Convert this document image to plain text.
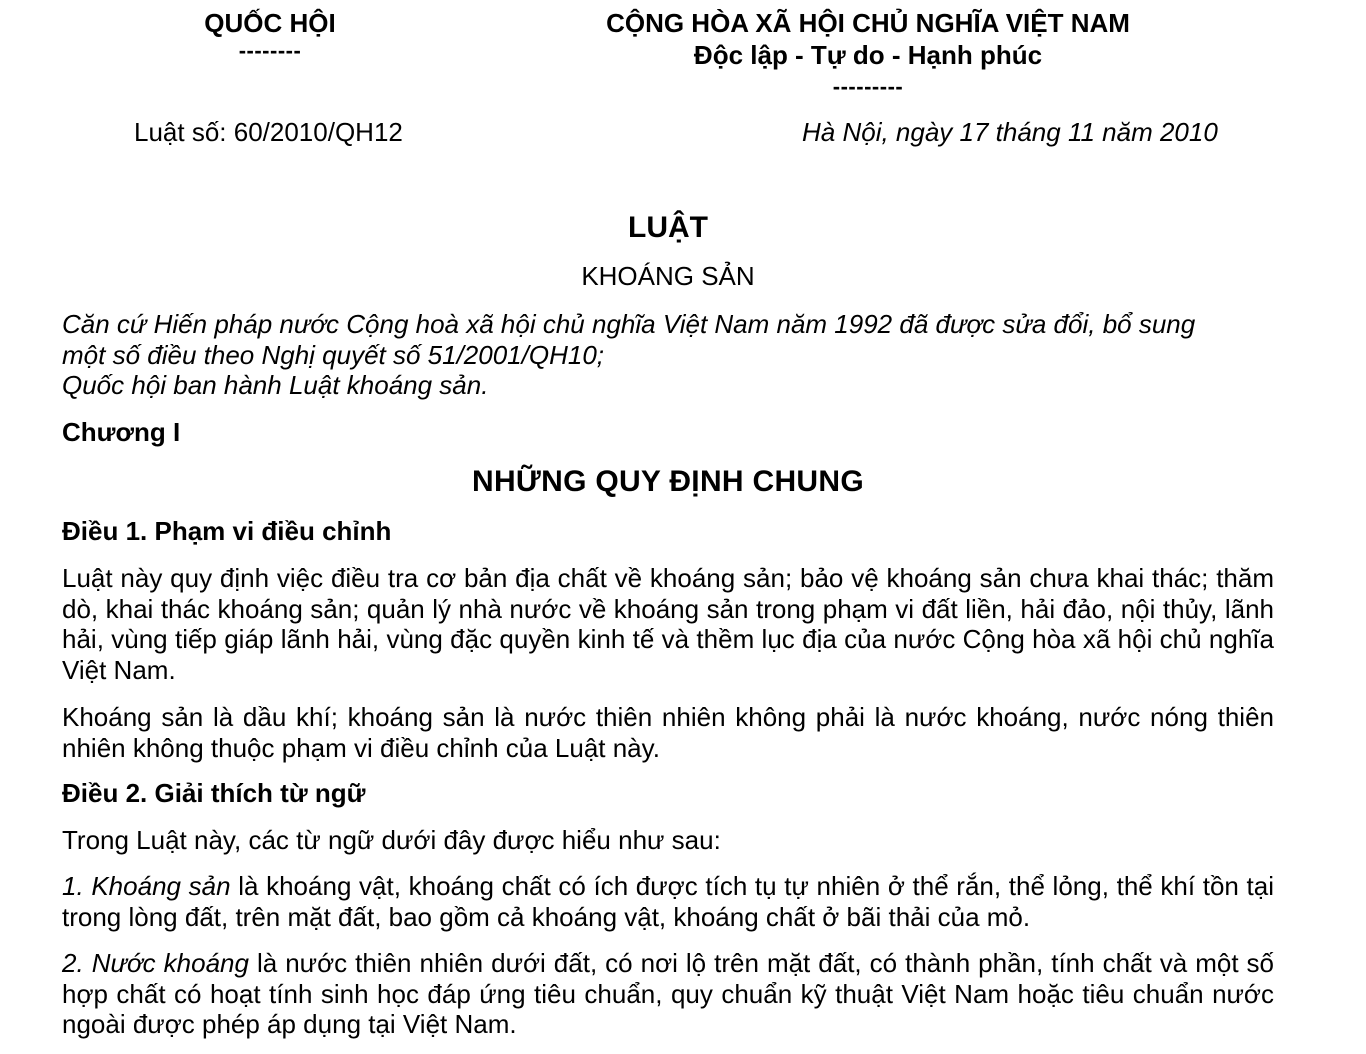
QUỐC HỘI
--------
CỘNG HÒA XÃ HỘI CHỦ NGHĨA VIỆT NAM
Độc lập - Tự do - Hạnh phúc
---------
Luật số: 60/2010/QH12	Hà Nội, ngày 17 tháng 11 năm 2010
LUẬT
KHOÁNG SẢN
Căn cứ Hiến pháp nước Cộng hoà xã hội chủ nghĩa Việt Nam năm 1992 đã được sửa đổi, bổ sung
một số điều theo Nghị quyết số 51/2001/QH10;
Quốc hội ban hành Luật khoáng sản.
Chương I
NHỮNG QUY ĐỊNH CHUNG
Điều 1. Phạm vi điều chỉnh

Luật này quy định việc điều tra cơ bản địa chất về khoáng sản; bảo vệ khoáng sản chưa khai thác; thăm dò, khai thác khoáng sản; quản lý nhà nước về khoáng sản trong phạm vi đất liền, hải đảo, nội thủy, lãnh hải, vùng tiếp giáp lãnh hải, vùng đặc quyền kinh tế và thềm lục địa của nước Cộng hòa xã hội chủ nghĩa Việt Nam.

Khoáng sản là dầu khí; khoáng sản là nước thiên nhiên không phải là nước khoáng, nước nóng thiên nhiên không thuộc phạm vi điều chỉnh của Luật này.

Điều 2. Giải thích từ ngữ

Trong Luật này, các từ ngữ dưới đây được hiểu như sau:

1. Khoáng sản là khoáng vật, khoáng chất có ích được tích tụ tự nhiên ở thể rắn, thể lỏng, thể khí tồn tại trong lòng đất, trên mặt đất, bao gồm cả khoáng vật, khoáng chất ở bãi thải của mỏ.

2. Nước khoáng là nước thiên nhiên dưới đất, có nơi lộ trên mặt đất, có thành phần, tính chất và một số hợp chất có hoạt tính sinh học đáp ứng tiêu chuẩn, quy chuẩn kỹ thuật Việt Nam hoặc tiêu chuẩn nước ngoài được phép áp dụng tại Việt Nam.
